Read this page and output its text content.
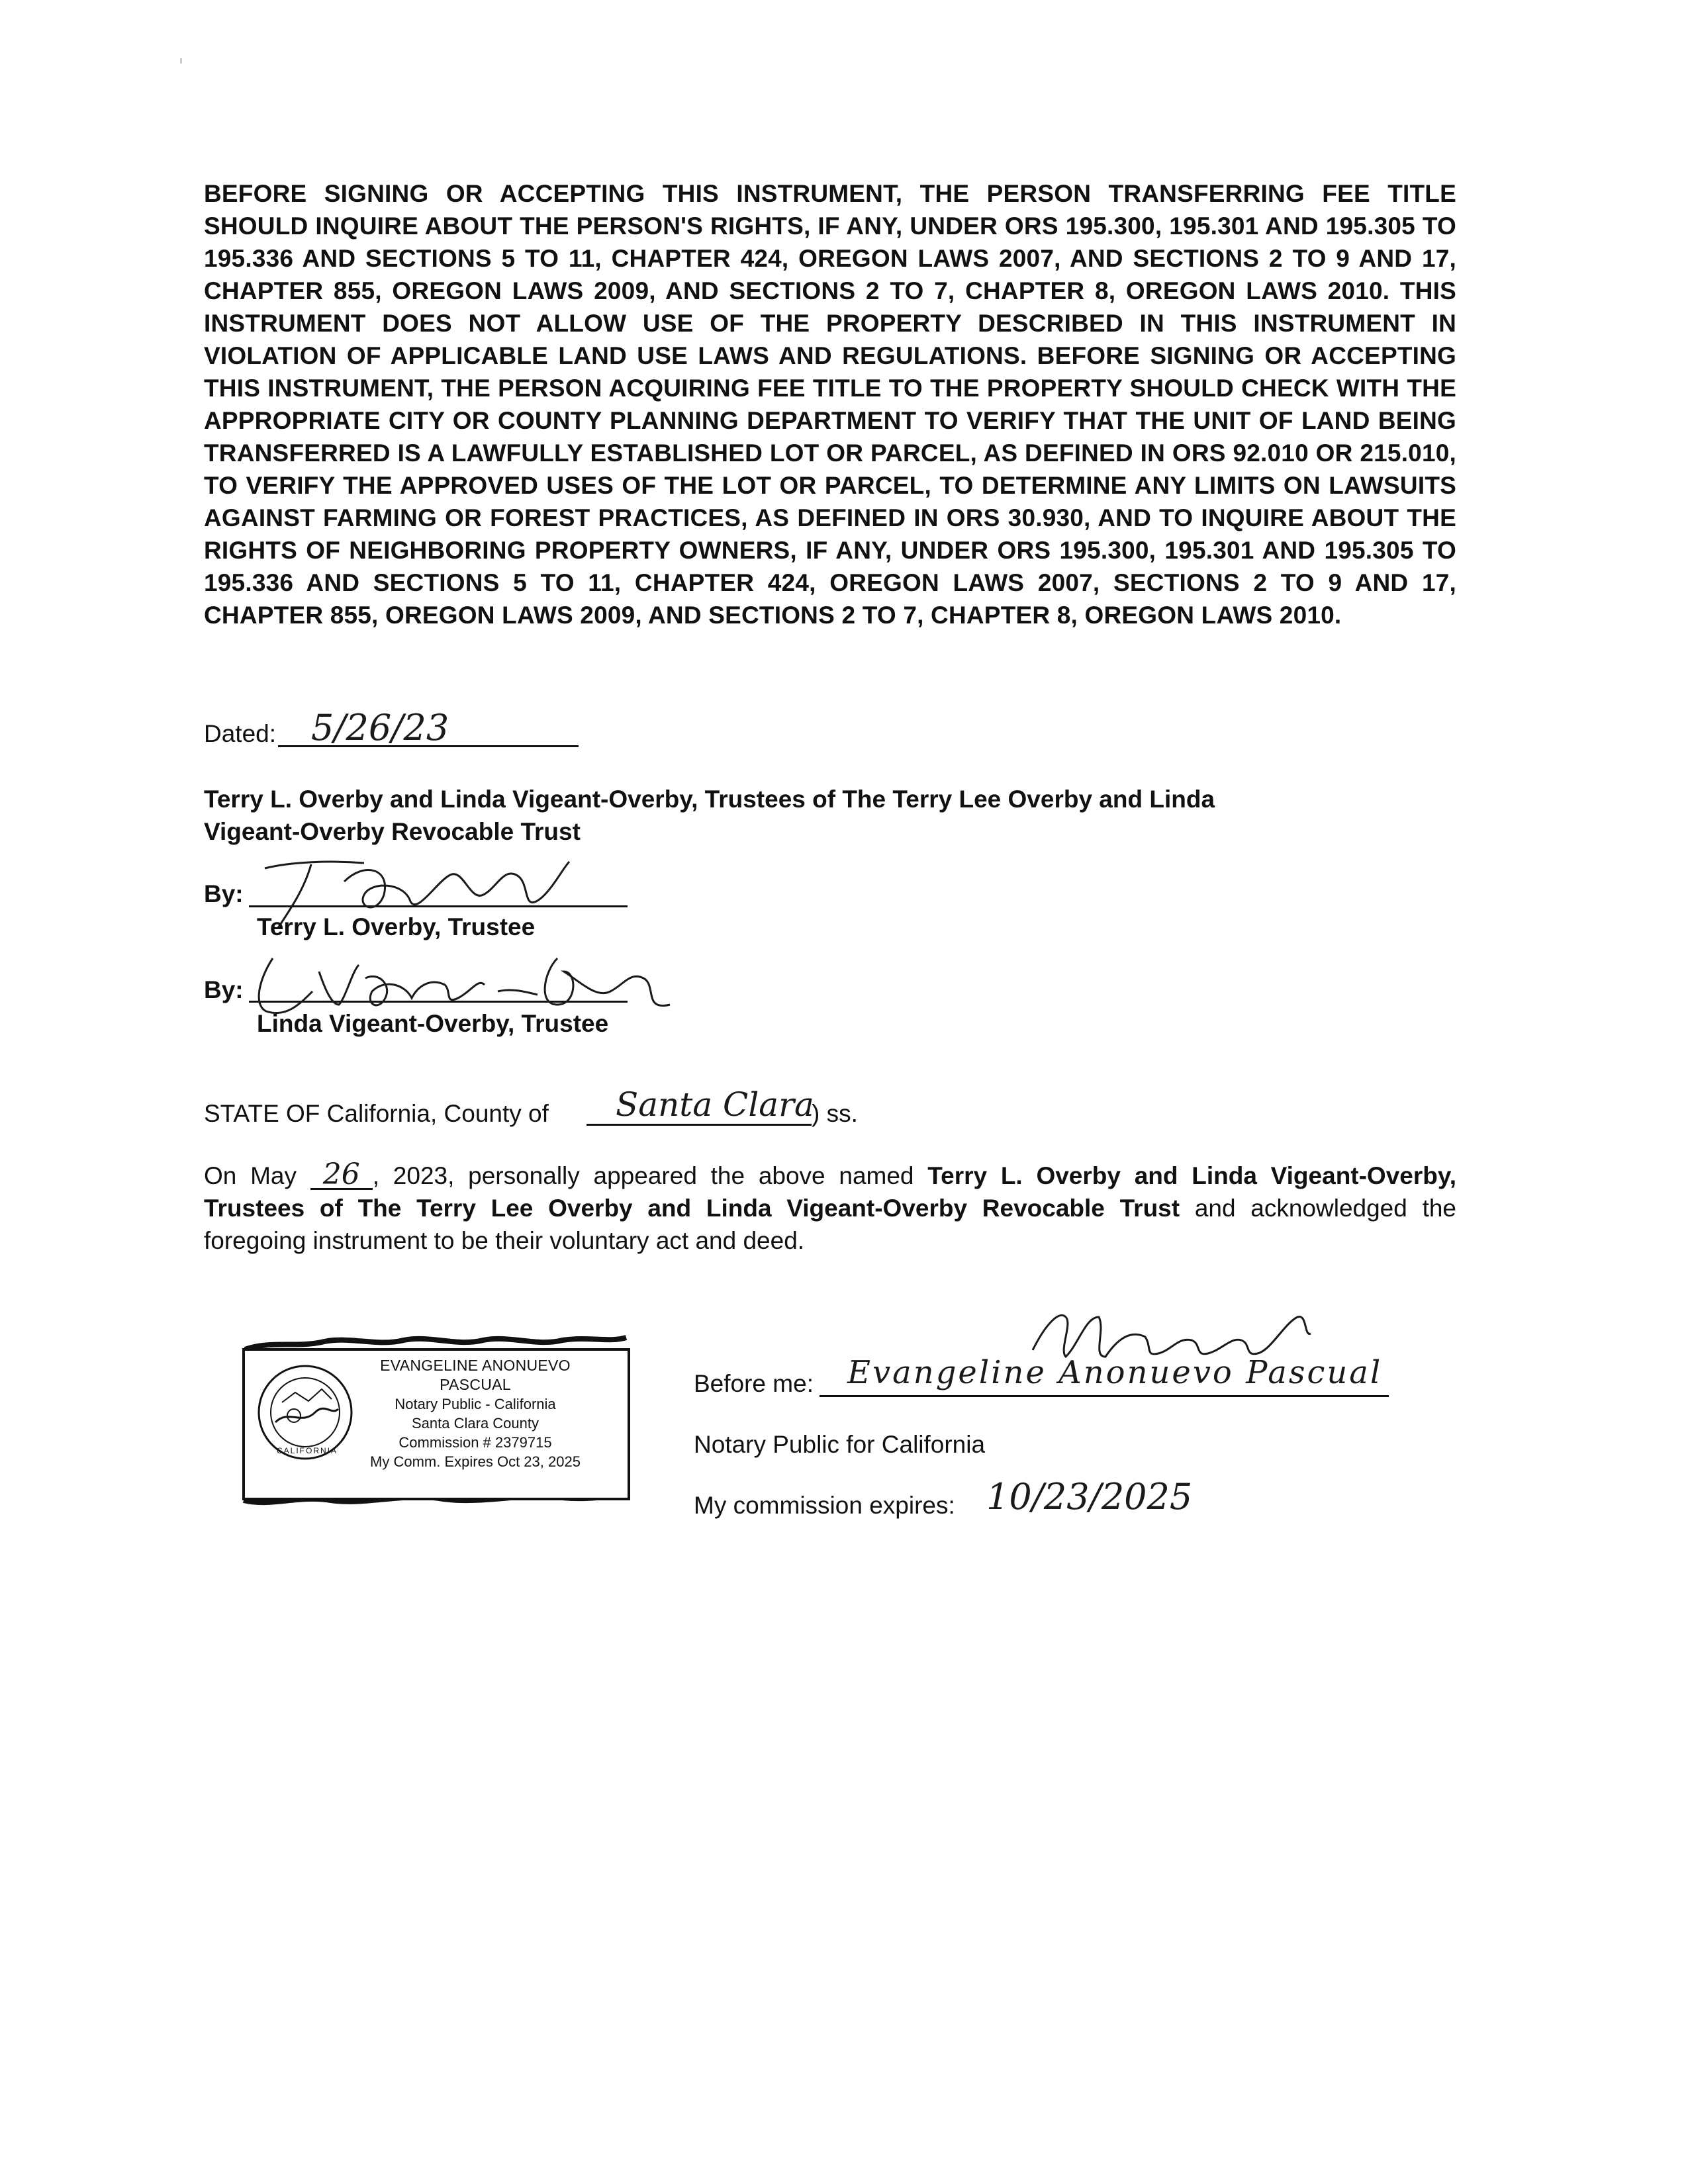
BEFORE SIGNING OR ACCEPTING THIS INSTRUMENT, THE PERSON TRANSFERRING FEE TITLE SHOULD INQUIRE ABOUT THE PERSON'S RIGHTS, IF ANY, UNDER ORS 195.300, 195.301 AND 195.305 TO 195.336 AND SECTIONS 5 TO 11, CHAPTER 424, OREGON LAWS 2007, AND SECTIONS 2 TO 9 AND 17, CHAPTER 855, OREGON LAWS 2009, AND SECTIONS 2 TO 7, CHAPTER 8, OREGON LAWS 2010. THIS INSTRUMENT DOES NOT ALLOW USE OF THE PROPERTY DESCRIBED IN THIS INSTRUMENT IN VIOLATION OF APPLICABLE LAND USE LAWS AND REGULATIONS. BEFORE SIGNING OR ACCEPTING THIS INSTRUMENT, THE PERSON ACQUIRING FEE TITLE TO THE PROPERTY SHOULD CHECK WITH THE APPROPRIATE CITY OR COUNTY PLANNING DEPARTMENT TO VERIFY THAT THE UNIT OF LAND BEING TRANSFERRED IS A LAWFULLY ESTABLISHED LOT OR PARCEL, AS DEFINED IN ORS 92.010 OR 215.010, TO VERIFY THE APPROVED USES OF THE LOT OR PARCEL, TO DETERMINE ANY LIMITS ON LAWSUITS AGAINST FARMING OR FOREST PRACTICES, AS DEFINED IN ORS 30.930, AND TO INQUIRE ABOUT THE RIGHTS OF NEIGHBORING PROPERTY OWNERS, IF ANY, UNDER ORS 195.300, 195.301 AND 195.305 TO 195.336 AND SECTIONS 5 TO 11, CHAPTER 424, OREGON LAWS 2007, SECTIONS 2 TO 9 AND 17, CHAPTER 855, OREGON LAWS 2009, AND SECTIONS 2 TO 7, CHAPTER 8, OREGON LAWS 2010.
Dated: 5/26/23
Terry L. Overby and Linda Vigeant-Overby, Trustees of The Terry Lee Overby and Linda
Vigeant-Overby Revocable Trust
By:
Terry L. Overby, Trustee
By:
Linda Vigeant-Overby, Trustee
STATE OF California, County of Santa Clara
) ss.
On May 26 , 2023, personally appeared the above named Terry L. Overby and Linda Vigeant-Overby, Trustees of The Terry Lee Overby and Linda Vigeant-Overby Revocable Trust and acknowledged the foregoing instrument to be their voluntary act and deed.
CALIFORNIA
EVANGELINE ANONUEVO PASCUAL
Notary Public - California
Santa Clara County
Commission # 2379715
My Comm. Expires Oct 23, 2025
Before me: Evangeline Anonuevo Pascual
Notary Public for California
My commission expires: 10/23/2025
